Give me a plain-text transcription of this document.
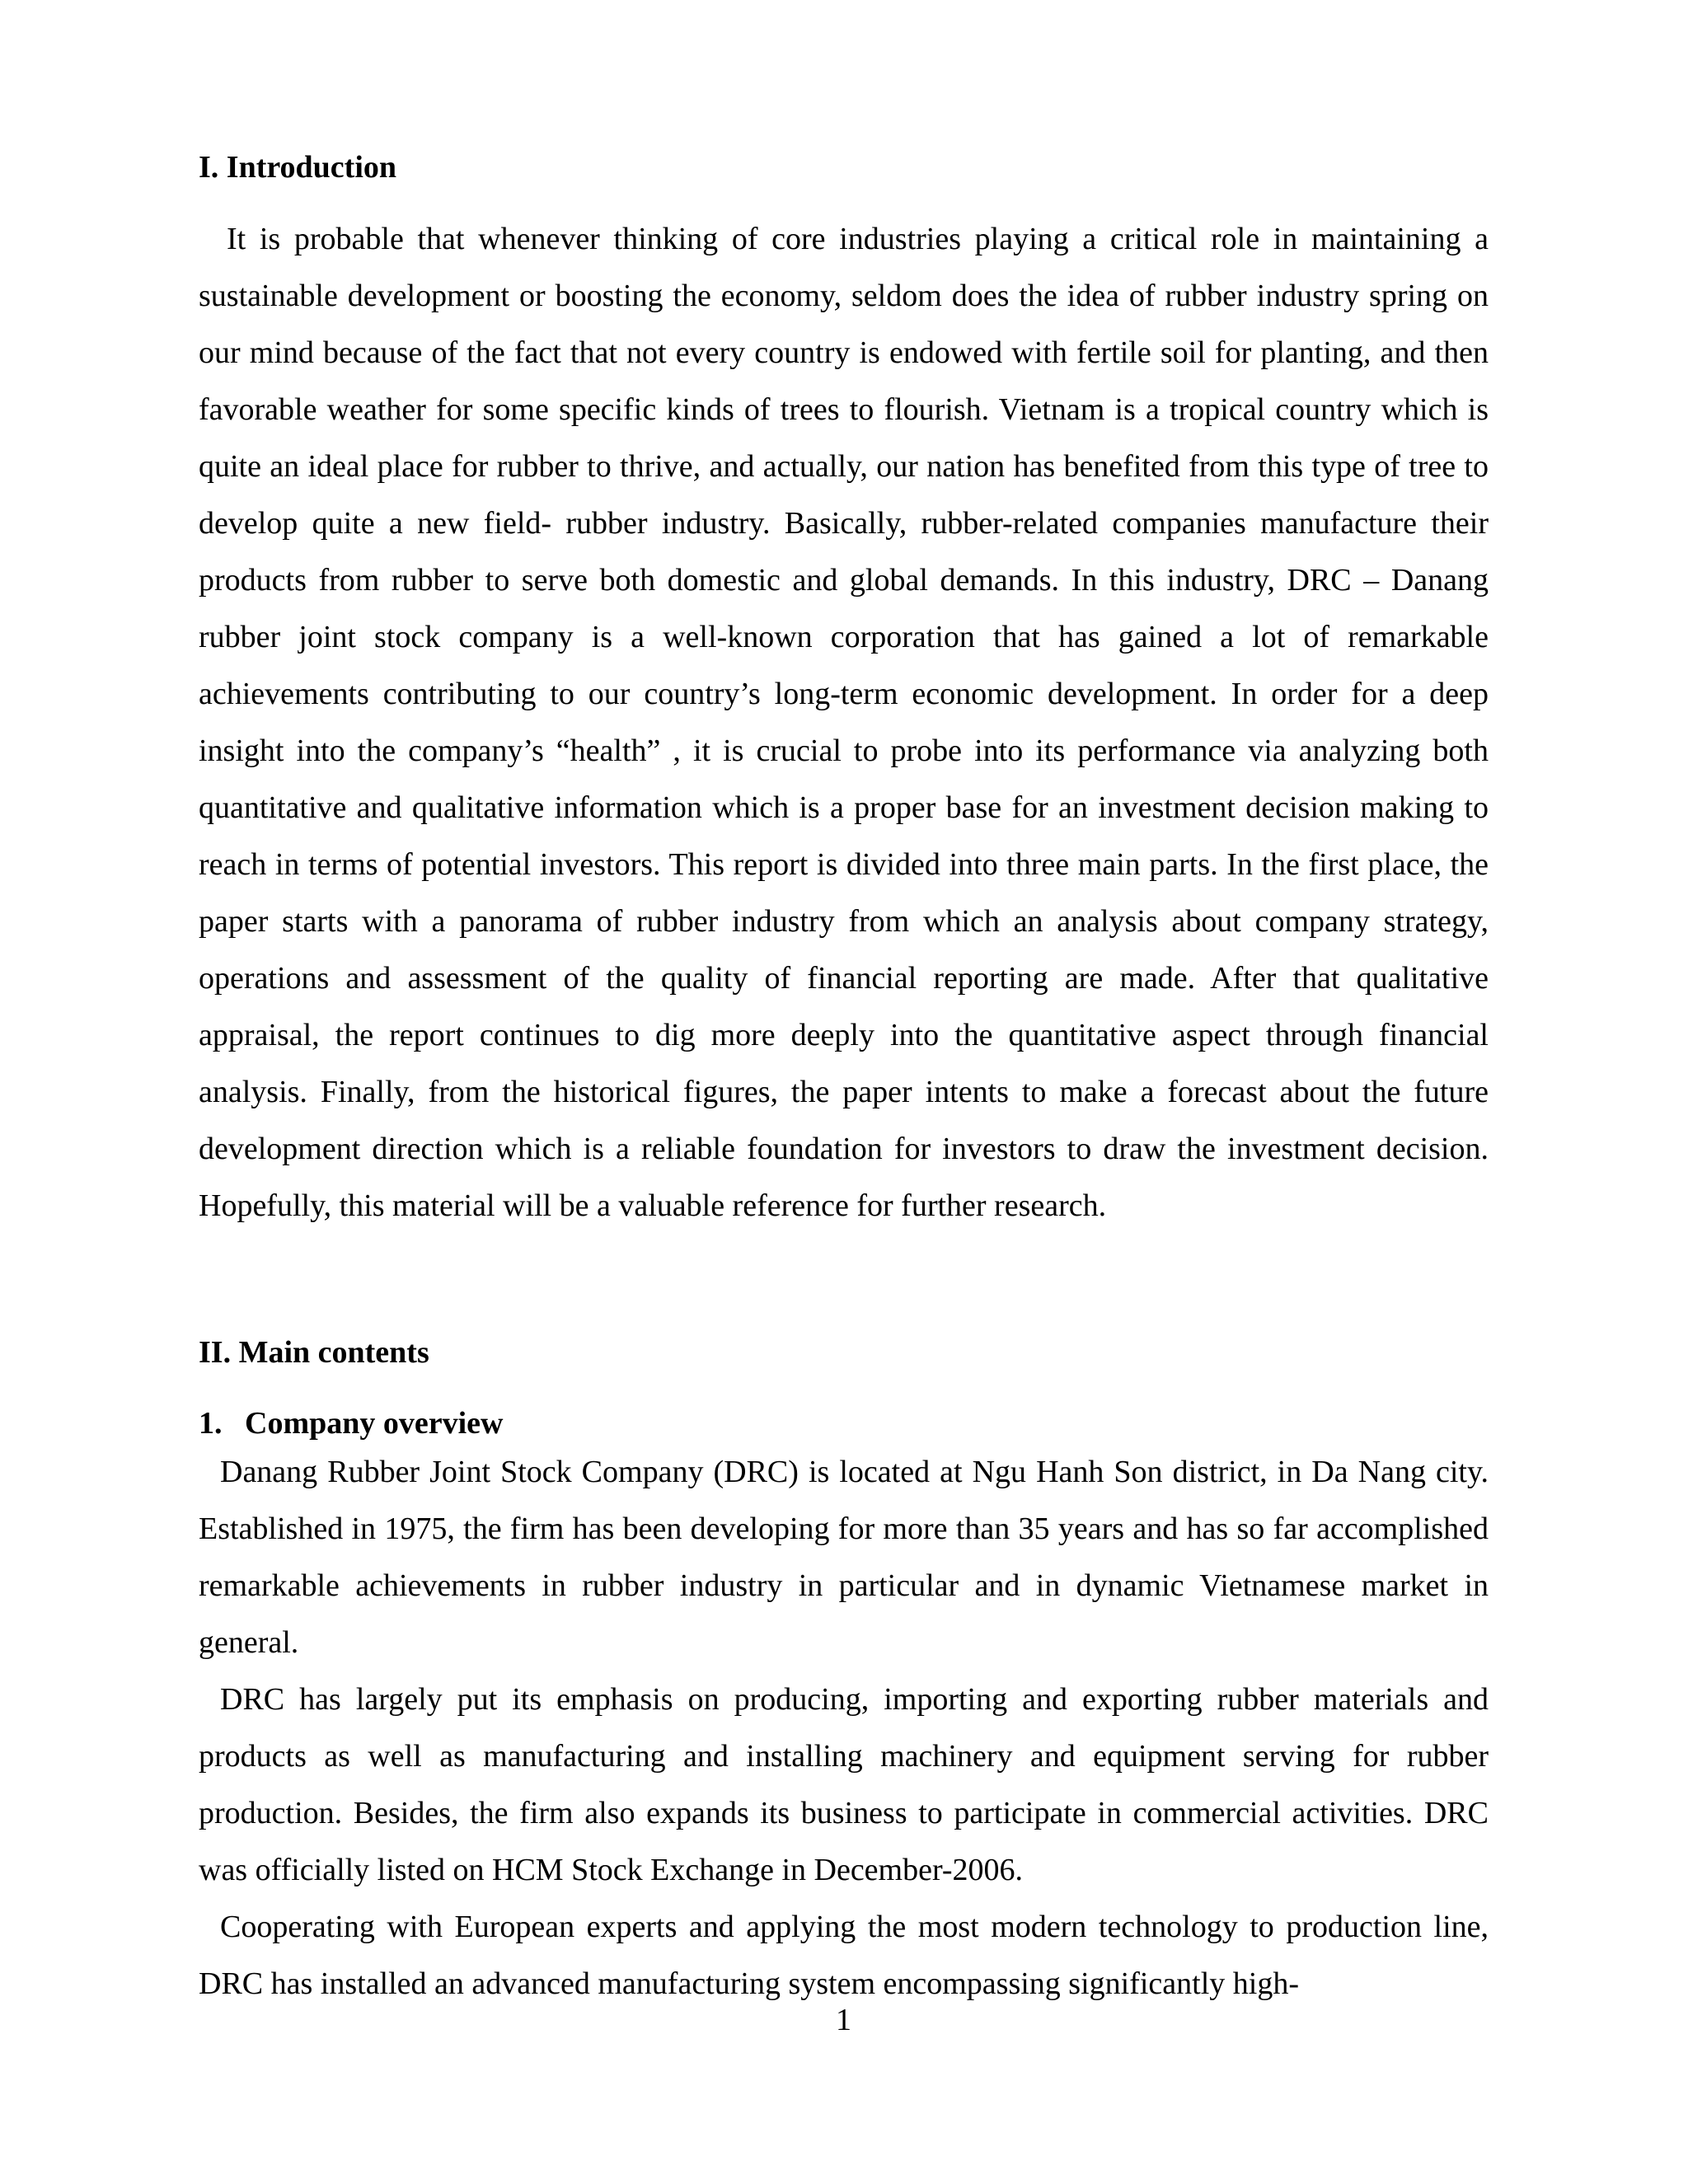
I. Introduction

It is probable that whenever thinking of core industries playing a critical role in maintaining a sustainable development or boosting the economy, seldom does the idea of rubber industry spring on our mind because of the fact that not every country is endowed with fertile soil for planting, and then favorable weather for some specific kinds of trees to flourish. Vietnam is a tropical country which is quite an ideal place for rubber to thrive, and actually, our nation has benefited from this type of tree to develop quite a new field- rubber industry. Basically, rubber-related companies manufacture their products from rubber to serve both domestic and global demands. In this industry, DRC – Danang rubber joint stock company is a well-known corporation that has gained a lot of remarkable achievements contributing to our country’s long-term economic development. In order for a deep insight into the company’s “health” , it is crucial to probe into its performance via analyzing both quantitative and qualitative information which is a proper base for an investment decision making to reach in terms of potential investors. This report is divided into three main parts. In the first place, the paper starts with a panorama of rubber industry from which an analysis about company strategy, operations and assessment of the quality of financial reporting are made. After that qualitative appraisal, the report continues to dig more deeply into the quantitative aspect through financial analysis. Finally, from the historical figures, the paper intents to make a forecast about the future development direction which is a reliable foundation for investors to draw the investment decision. Hopefully, this material will be a valuable reference for further research.

II. Main contents
1. Company overview

Danang Rubber Joint Stock Company (DRC) is located at Ngu Hanh Son district, in Da Nang city. Established in 1975, the firm has been developing for more than 35 years and has so far accomplished remarkable achievements in rubber industry in particular and in dynamic Vietnamese market in general.

DRC has largely put its emphasis on producing, importing and exporting rubber materials and products as well as manufacturing and installing machinery and equipment serving for rubber production. Besides, the firm also expands its business to participate in commercial activities. DRC was officially listed on HCM Stock Exchange in December-2006.

Cooperating with European experts and applying the most modern technology to production line, DRC has installed an advanced manufacturing system encompassing significantly high-

1
